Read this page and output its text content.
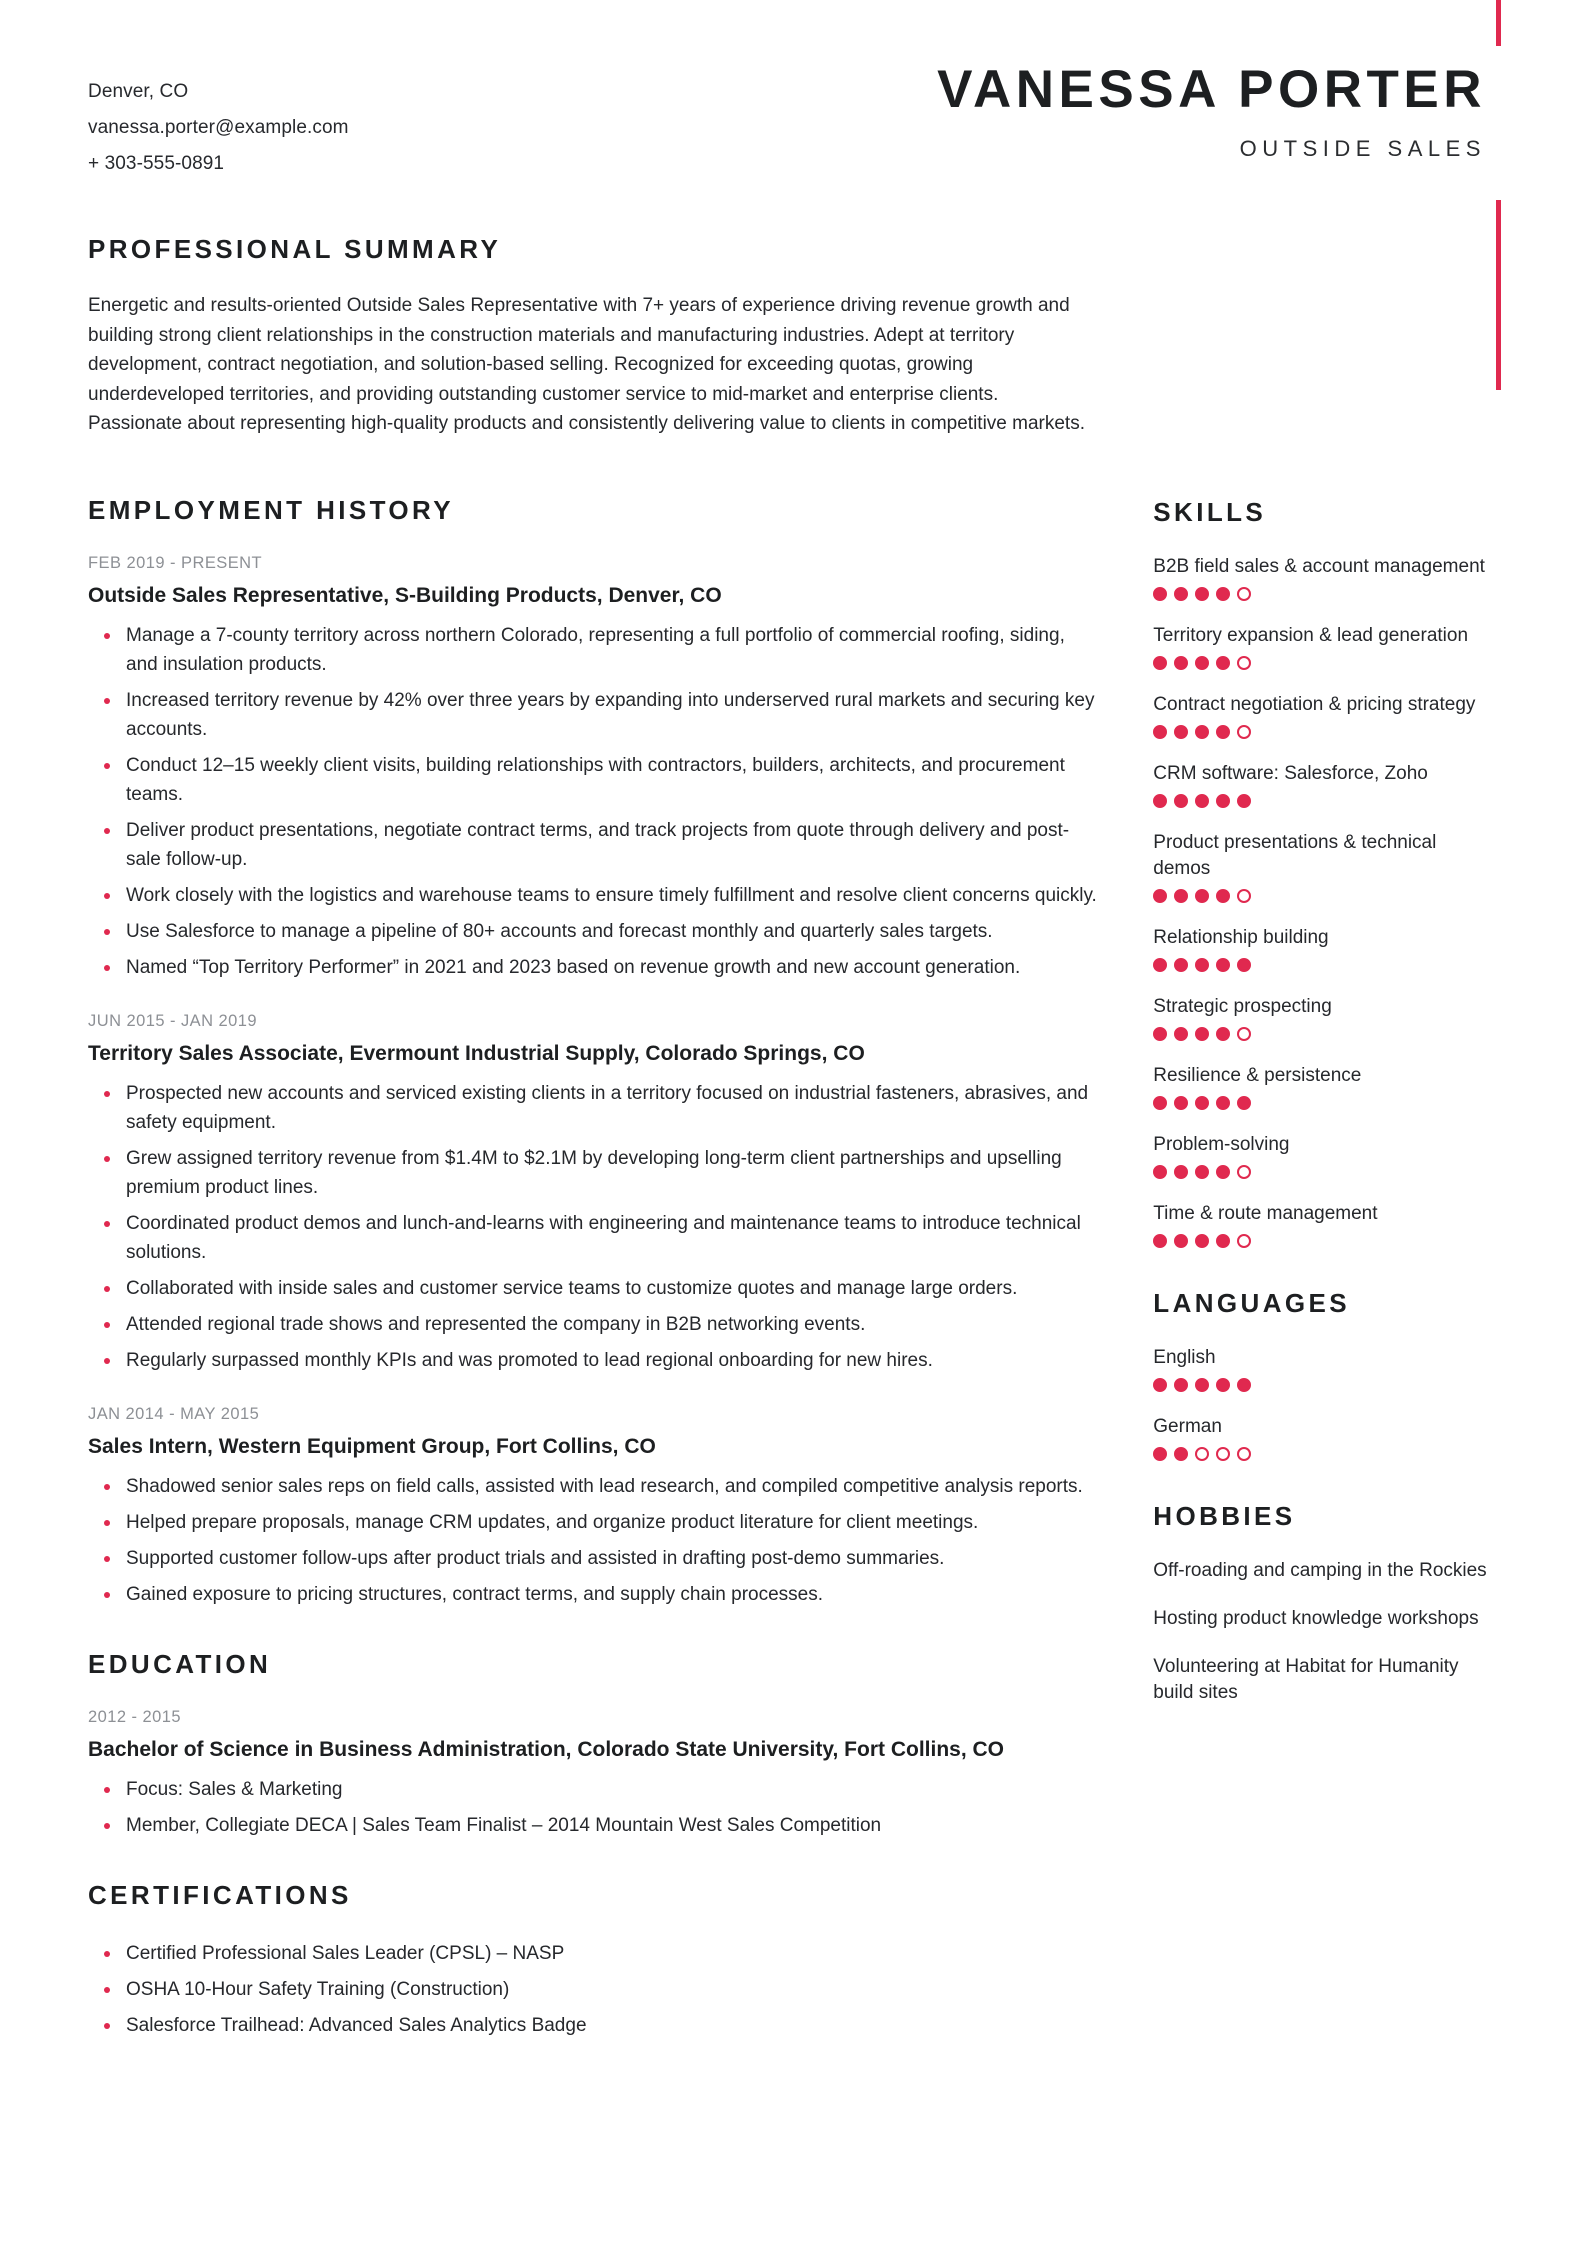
Denver, CO
vanessa.porter@example.com
+ 303-555-0891
VANESSA PORTER
OUTSIDE SALES
PROFESSIONAL SUMMARY
Energetic and results-oriented Outside Sales Representative with 7+ years of experience driving revenue growth and building strong client relationships in the construction materials and manufacturing industries. Adept at territory development, contract negotiation, and solution-based selling. Recognized for exceeding quotas, growing underdeveloped territories, and providing outstanding customer service to mid-market and enterprise clients. Passionate about representing high-quality products and consistently delivering value to clients in competitive markets.
EMPLOYMENT HISTORY
FEB 2019 - PRESENT
Outside Sales Representative, S-Building Products, Denver, CO
Manage a 7-county territory across northern Colorado, representing a full portfolio of commercial roofing, siding, and insulation products.
Increased territory revenue by 42% over three years by expanding into underserved rural markets and securing key accounts.
Conduct 12–15 weekly client visits, building relationships with contractors, builders, architects, and procurement teams.
Deliver product presentations, negotiate contract terms, and track projects from quote through delivery and post-sale follow-up.
Work closely with the logistics and warehouse teams to ensure timely fulfillment and resolve client concerns quickly.
Use Salesforce to manage a pipeline of 80+ accounts and forecast monthly and quarterly sales targets.
Named “Top Territory Performer” in 2021 and 2023 based on revenue growth and new account generation.
JUN 2015 - JAN 2019
Territory Sales Associate, Evermount Industrial Supply, Colorado Springs, CO
Prospected new accounts and serviced existing clients in a territory focused on industrial fasteners, abrasives, and safety equipment.
Grew assigned territory revenue from $1.4M to $2.1M by developing long-term client partnerships and upselling premium product lines.
Coordinated product demos and lunch-and-learns with engineering and maintenance teams to introduce technical solutions.
Collaborated with inside sales and customer service teams to customize quotes and manage large orders.
Attended regional trade shows and represented the company in B2B networking events.
Regularly surpassed monthly KPIs and was promoted to lead regional onboarding for new hires.
JAN 2014 - MAY 2015
Sales Intern, Western Equipment Group, Fort Collins, CO
Shadowed senior sales reps on field calls, assisted with lead research, and compiled competitive analysis reports.
Helped prepare proposals, manage CRM updates, and organize product literature for client meetings.
Supported customer follow-ups after product trials and assisted in drafting post-demo summaries.
Gained exposure to pricing structures, contract terms, and supply chain processes.
EDUCATION
2012 - 2015
Bachelor of Science in Business Administration, Colorado State University, Fort Collins, CO
Focus: Sales & Marketing
Member, Collegiate DECA | Sales Team Finalist – 2014 Mountain West Sales Competition
CERTIFICATIONS
Certified Professional Sales Leader (CPSL) – NASP
OSHA 10-Hour Safety Training (Construction)
Salesforce Trailhead: Advanced Sales Analytics Badge
SKILLS
B2B field sales & account management
Territory expansion & lead generation
Contract negotiation & pricing strategy
CRM software: Salesforce, Zoho
Product presentations & technical demos
Relationship building
Strategic prospecting
Resilience & persistence
Problem-solving
Time & route management
LANGUAGES
English
German
HOBBIES
Off-roading and camping in the Rockies
Hosting product knowledge workshops
Volunteering at Habitat for Humanity build sites
